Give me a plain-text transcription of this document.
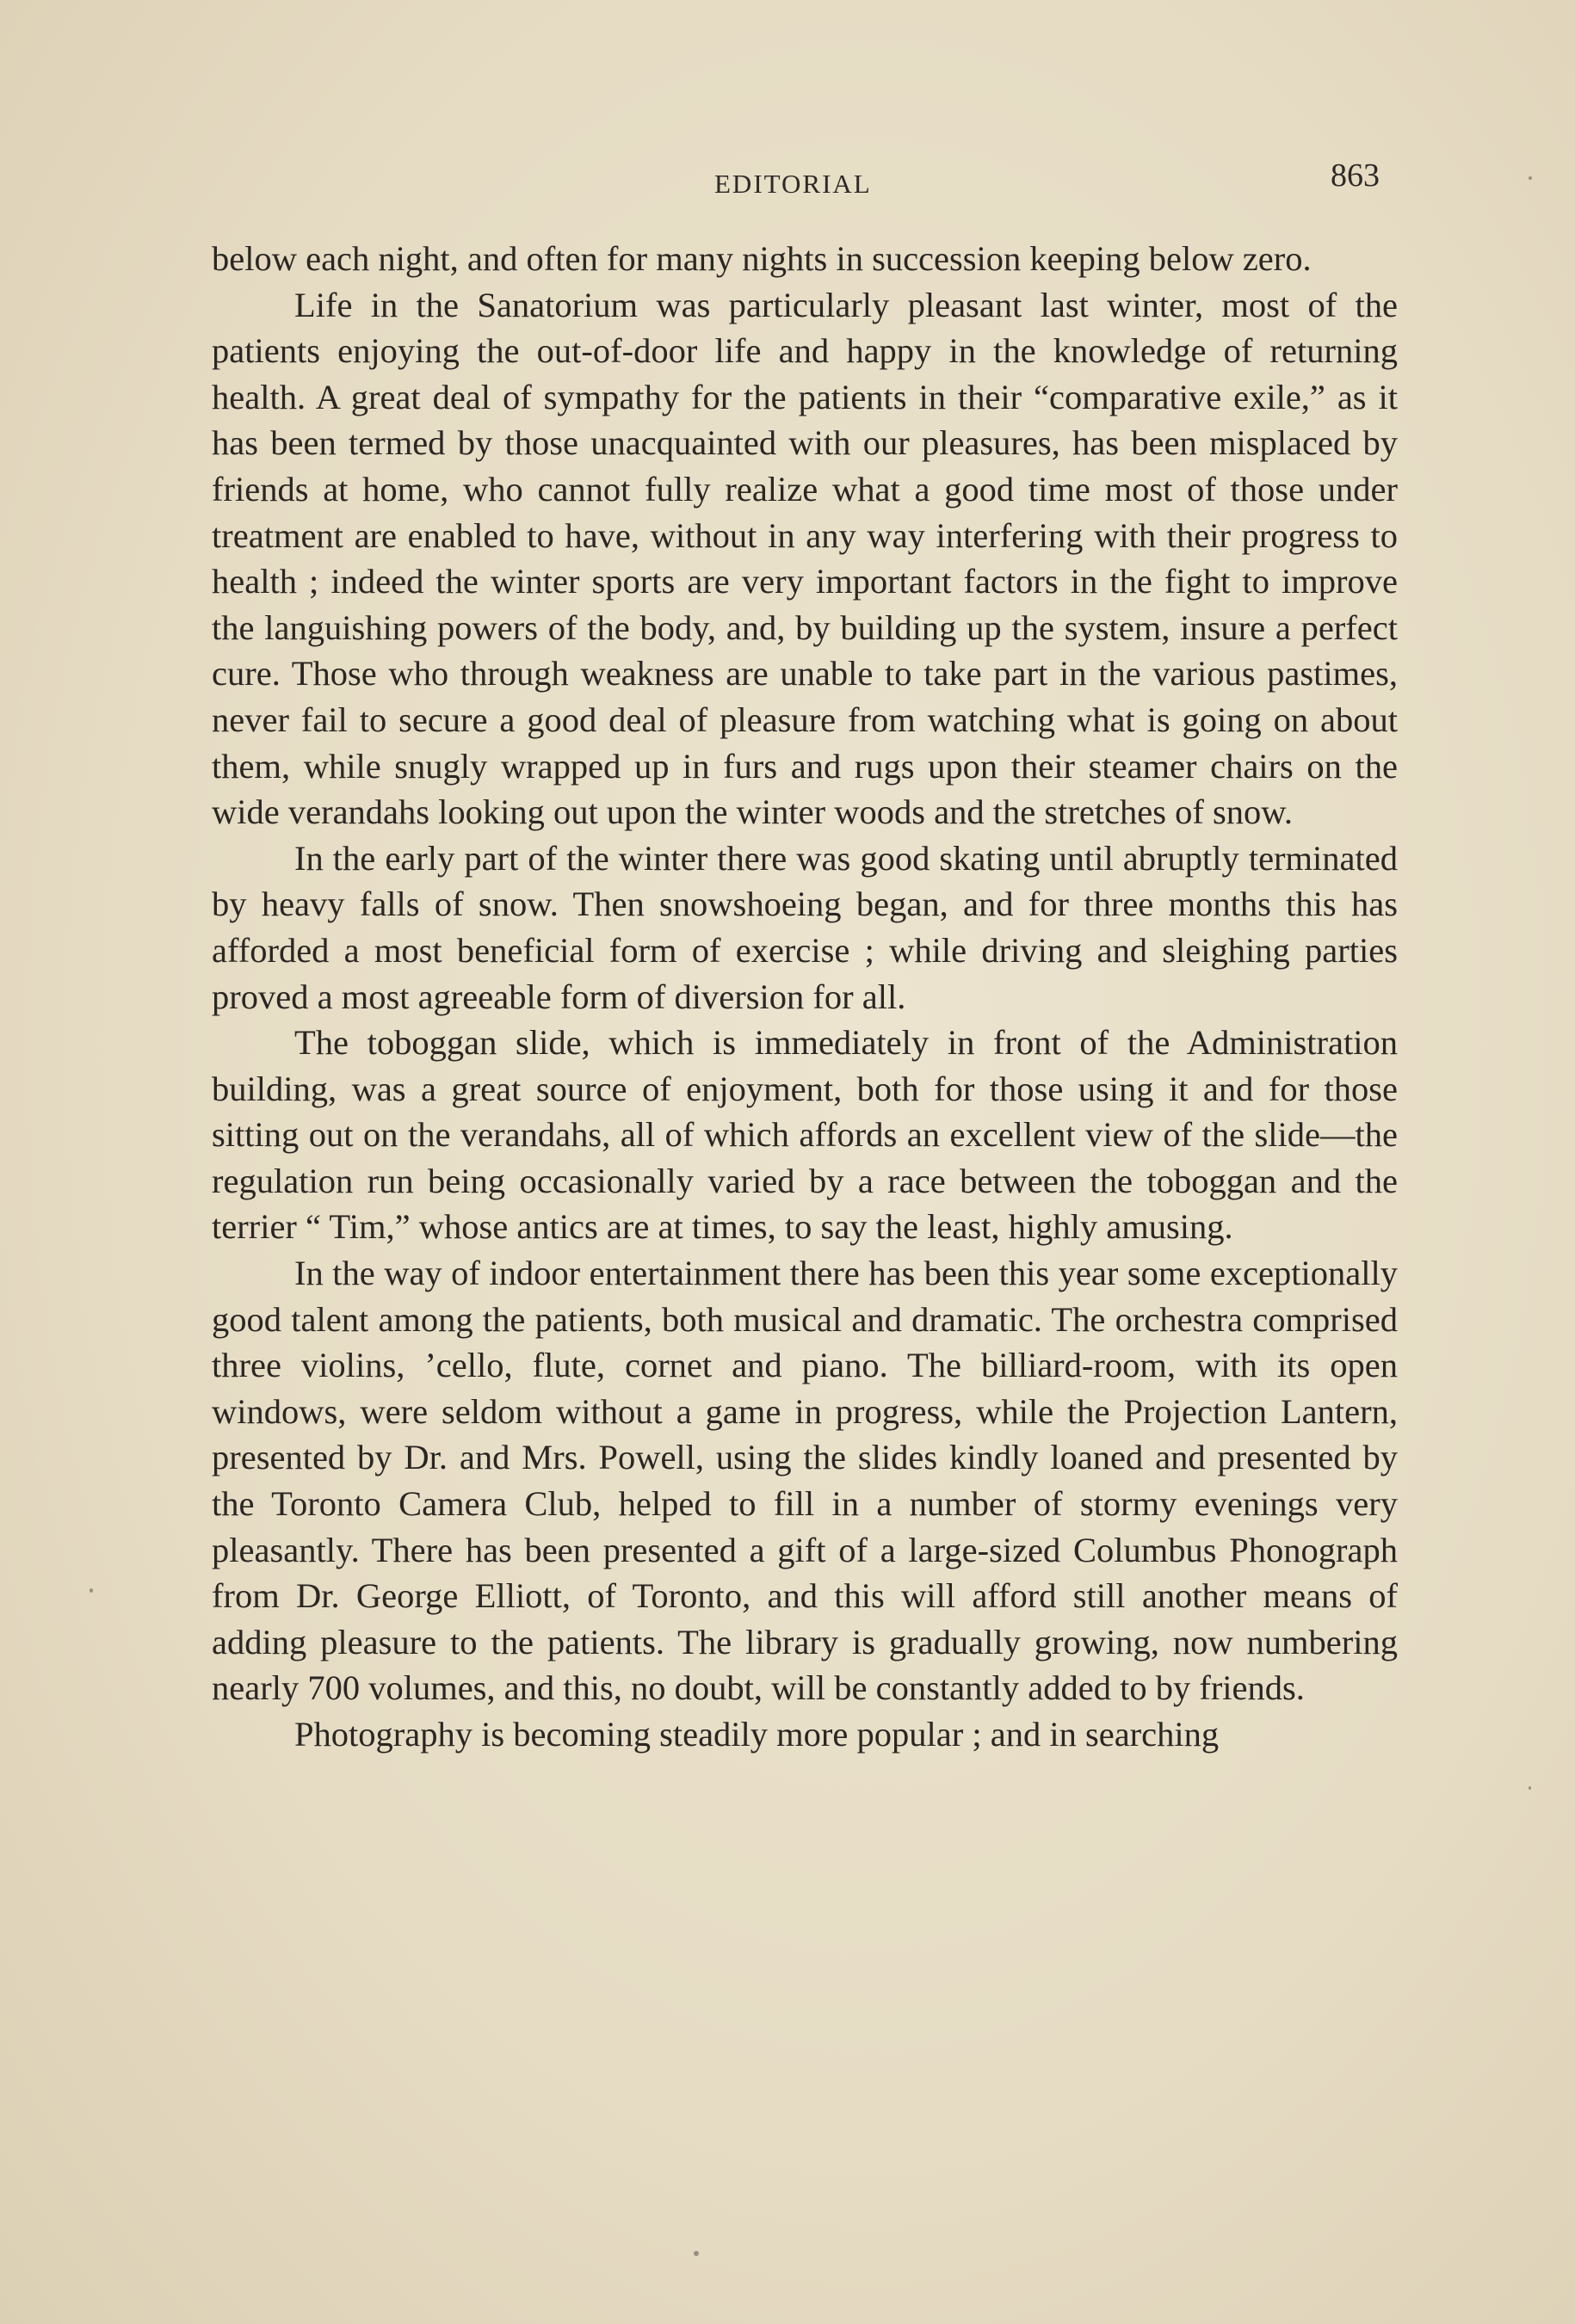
EDITORIAL	863

below each night, and often for many nights in succession keeping below zero.

Life in the Sanatorium was particularly pleasant last winter, most of the patients enjoying the out-of-door life and happy in the knowledge of returning health. A great deal of sympathy for the patients in their “comparative exile,” as it has been termed by those unacquainted with our pleasures, has been misplaced by friends at home, who cannot fully realize what a good time most of those under treatment are enabled to have, without in any way interfering with their progress to health ; indeed the winter sports are very important factors in the fight to improve the languishing powers of the body, and, by building up the system, insure a perfect cure. Those who through weakness are unable to take part in the various pastimes, never fail to secure a good deal of pleasure from watching what is going on about them, while snugly wrapped up in furs and rugs upon their steamer chairs on the wide verandahs looking out upon the winter woods and the stretches of snow.

In the early part of the winter there was good skating until abruptly terminated by heavy falls of snow. Then snowshoeing began, and for three months this has afforded a most beneficial form of exercise ; while driving and sleighing parties proved a most agreeable form of diversion for all.

The toboggan slide, which is immediately in front of the Administration building, was a great source of enjoyment, both for those using it and for those sitting out on the verandahs, all of which affords an excellent view of the slide—the regulation run being occasionally varied by a race between the toboggan and the terrier “ Tim,” whose antics are at times, to say the least, highly amusing.

In the way of indoor entertainment there has been this year some exceptionally good talent among the patients, both musical and dramatic. The orchestra comprised three violins, ’cello, flute, cornet and piano. The billiard-room, with its open windows, were seldom without a game in progress, while the Projection Lantern, presented by Dr. and Mrs. Powell, using the slides kindly loaned and presented by the Toronto Camera Club, helped to fill in a number of stormy evenings very pleasantly. There has been presented a gift of a large-sized Columbus Phonograph from Dr. George Elliott, of Toronto, and this will afford still another means of adding pleasure to the patients. The library is gradually growing, now numbering nearly 700 volumes, and this, no doubt, will be constantly added to by friends.

Photography is becoming steadily more popular ; and in searching
